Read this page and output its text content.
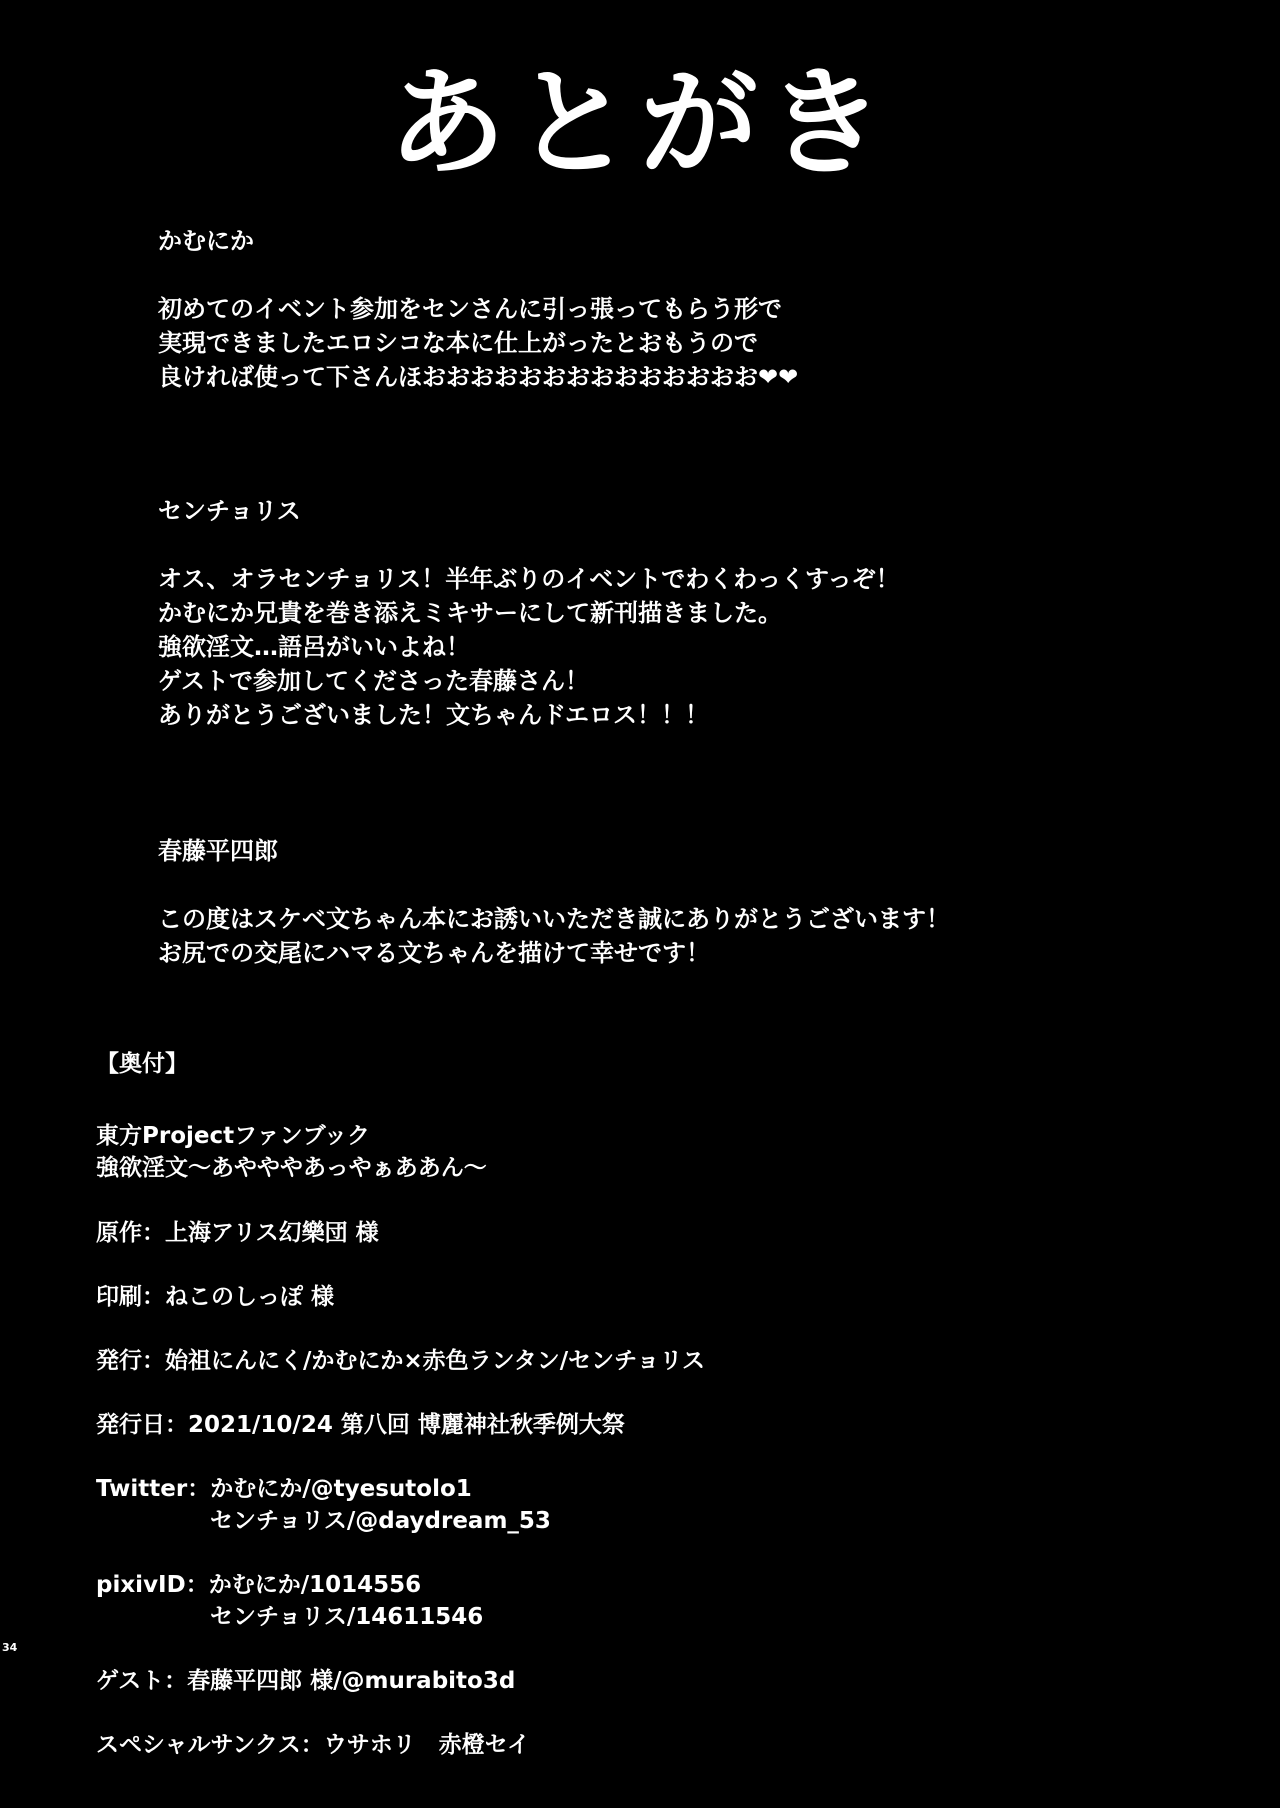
あとがき
かむにか
初めてのイベント参加をセンさんに引っ張ってもらう形で
実現できましたエロシコな本に仕上がったとおもうので
良ければ使って下さんほおおおおおおおおおおおおおお❤❤
センチョリス
オス、オラセンチョリス！半年ぶりのイベントでわくわっくすっぞ！
かむにか兄貴を巻き添えミキサーにして新刊描きました。
強欲淫文…語呂がいいよね！
ゲストで参加してくださった春藤さん！
ありがとうございました！文ちゃんドエロス！！！
春藤平四郎
この度はスケベ文ちゃん本にお誘いいただき誠にありがとうございます！
お尻での交尾にハマる文ちゃんを描けて幸せです！
【奥付】
東方Projectファンブック
強欲淫文〜あやややあっやぁああん〜
原作：上海アリス幻樂団 様
印刷：ねこのしっぽ 様
発行：始祖にんにく/かむにか×赤色ランタン/センチョリス
発行日：2021/10/24 第八回 博麗神社秋季例大祭
Twitter：かむにか/@tyesutolo1
センチョリス/@daydream_53
pixivID：かむにか/1014556
センチョリス/14611546
ゲスト：春藤平四郎 様/@murabito3d
スペシャルサンクス：ウサホリ　赤橙セイ
34
